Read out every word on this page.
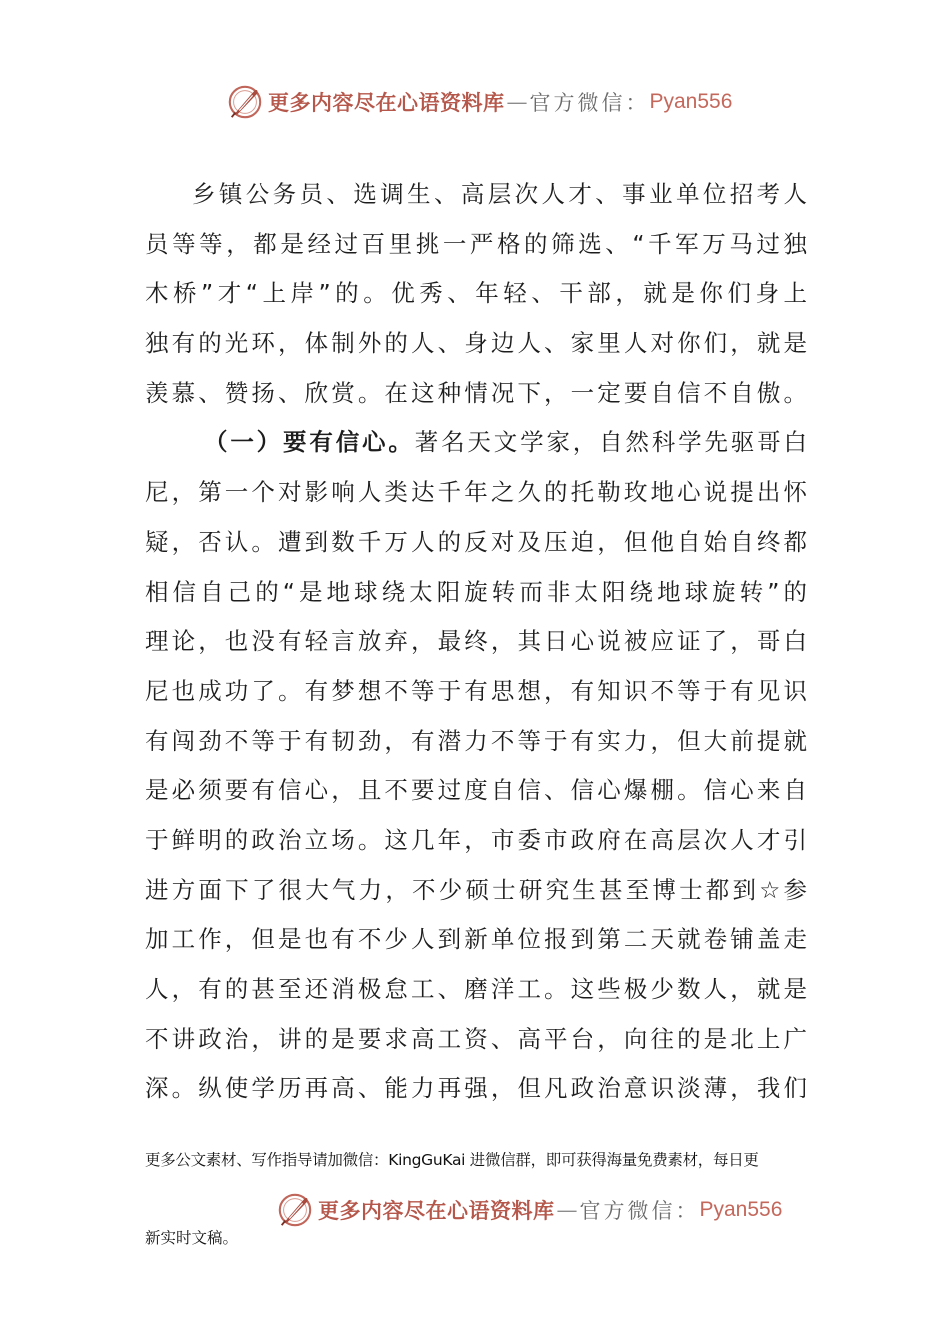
更多内容尽在心语资料库 — 官方微信： Pyan556
乡镇公务员、选调生、高层次人才、事业单位招考人
员等等，都是经过百里挑一严格的筛选、“千军万马过独
木桥”才“上岸”的。优秀、年轻、干部，就是你们身上
独有的光环，体制外的人、身边人、家里人对你们，就是
羡慕、赞扬、欣赏。在这种情况下，一定要自信不自傲。
（一）要有信心。著名天文学家，自然科学先驱哥白
尼，第一个对影响人类达千年之久的托勒玫地心说提出怀
疑，否认。遭到数千万人的反对及压迫，但他自始自终都
相信自己的“是地球绕太阳旋转而非太阳绕地球旋转”的
理论，也没有轻言放弃，最终，其日心说被应证了，哥白
尼也成功了。有梦想不等于有思想，有知识不等于有见识
有闯劲不等于有韧劲，有潜力不等于有实力，但大前提就
是必须要有信心，且不要过度自信、信心爆棚。信心来自
于鲜明的政治立场。这几年，市委市政府在高层次人才引
进方面下了很大气力，不少硕士研究生甚至博士都到☆参
加工作，但是也有不少人到新单位报到第二天就卷铺盖走
人，有的甚至还消极怠工、磨洋工。这些极少数人，就是
不讲政治，讲的是要求高工资、高平台，向往的是北上广
深。纵使学历再高、能力再强，但凡政治意识淡薄，我们
更多公文素材、写作指导请加微信：KingGuKai 进微信群，即可获得海量免费素材，每日更
更多内容尽在心语资料库 — 官方微信： Pyan556
新实时文稿。
